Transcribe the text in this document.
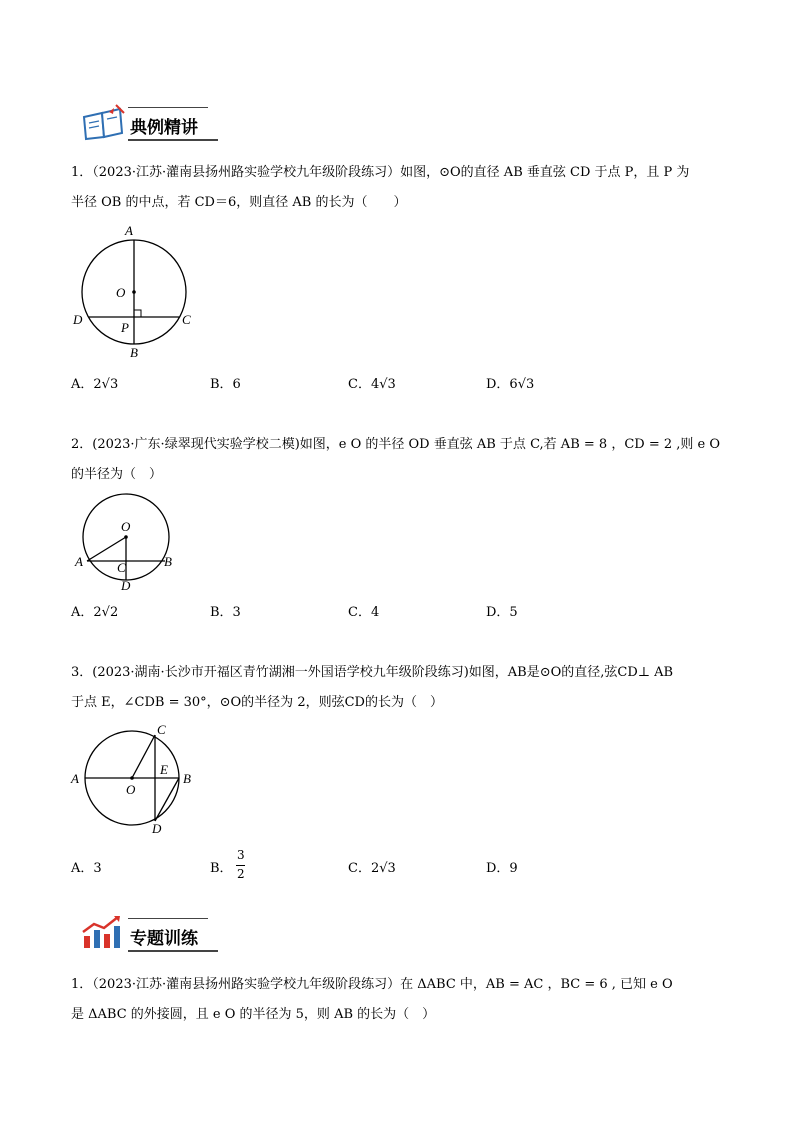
典例精讲
1．（2023·江苏·灌南县扬州路实验学校九年级阶段练习）如图，⊙O的直径 AB 垂直弦 CD 于点 P，且 P 为
半径 OB 的中点，若 CD＝6，则直径 AB 的长为（　　）
A
O
D
P
C
B
A．2√3	B．6	C．4√3	D．6√3
2．(2023·广东·绿翠现代实验学校二模)如图，e O 的半径 OD 垂直弦 AB 于点 C,若 AB = 8 ，CD = 2 ,则 e O
的半径为（　）
O
A	C	B
D
A．2√2	B．3	C．4	D．5
3．(2023·湖南·长沙市开福区青竹湖湘一外国语学校九年级阶段练习)如图，AB是⊙O的直径,弦CD⊥ AB
于点 E，∠CDB = 30°，⊙O的半径为 2，则弦CD的长为（　）
C
A
E
B
O
D
A．3	B．
3
2	C．2√3	D．9
专题训练
1．（2023·江苏·灌南县扬州路实验学校九年级阶段练习）在 ΔABC 中，AB = AC ，BC = 6 , 已知 e O
是 ΔABC 的外接圆，且 e O 的半径为 5，则 AB 的长为（　）
